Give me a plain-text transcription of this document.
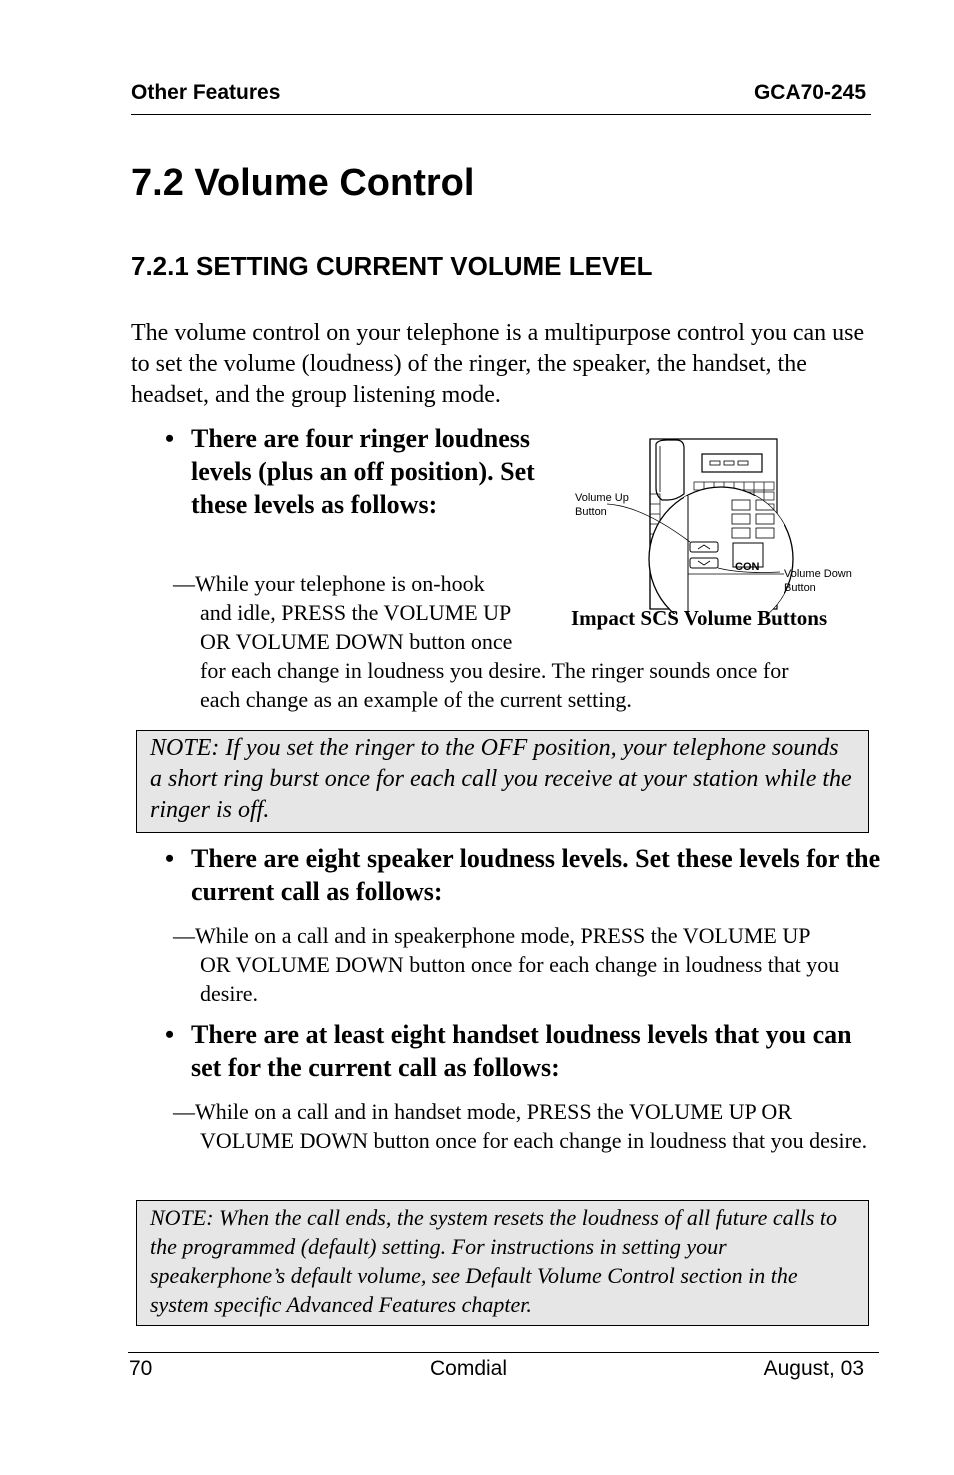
Other Features	GCA70-245
7.2 Volume Control
7.2.1 SETTING CURRENT VOLUME LEVEL
The volume control on your telephone is a multipurpose control you can use to set the volume (loudness) of the ringer, the speaker, the handset, the headset, and the group listening mode.
• There are four ringer loudness levels (plus an off position). Set these levels as follows:
—While your telephone is on-hook
and idle, PRESS the VOLUME UP
OR VOLUME DOWN button once
for each change in loudness you desire. The ringer sounds once for
each change as an example of the current setting.
Volume Up
Button
Volume Down
Button
CON
Impact SCS Volume Buttons
NOTE: If you set the ringer to the OFF position, your telephone sounds a short ring burst once for each call you receive at your station while the ringer is off.
• There are eight speaker loudness levels. Set these levels for the current call as follows:
—While on a call and in speakerphone mode, PRESS the VOLUME UP
OR VOLUME DOWN button once for each change in loudness that you desire.
• There are at least eight handset loudness levels that you can set for the current call as follows:
—While on a call and in handset mode, PRESS the VOLUME UP OR
VOLUME DOWN button once for each change in loudness that you desire.
NOTE: When the call ends, the system resets the loudness of all future calls to the programmed (default) setting. For instructions in setting your speakerphone’s default volume, see Default Volume Control section in the system specific Advanced Features chapter.
70	Comdial	August, 03
